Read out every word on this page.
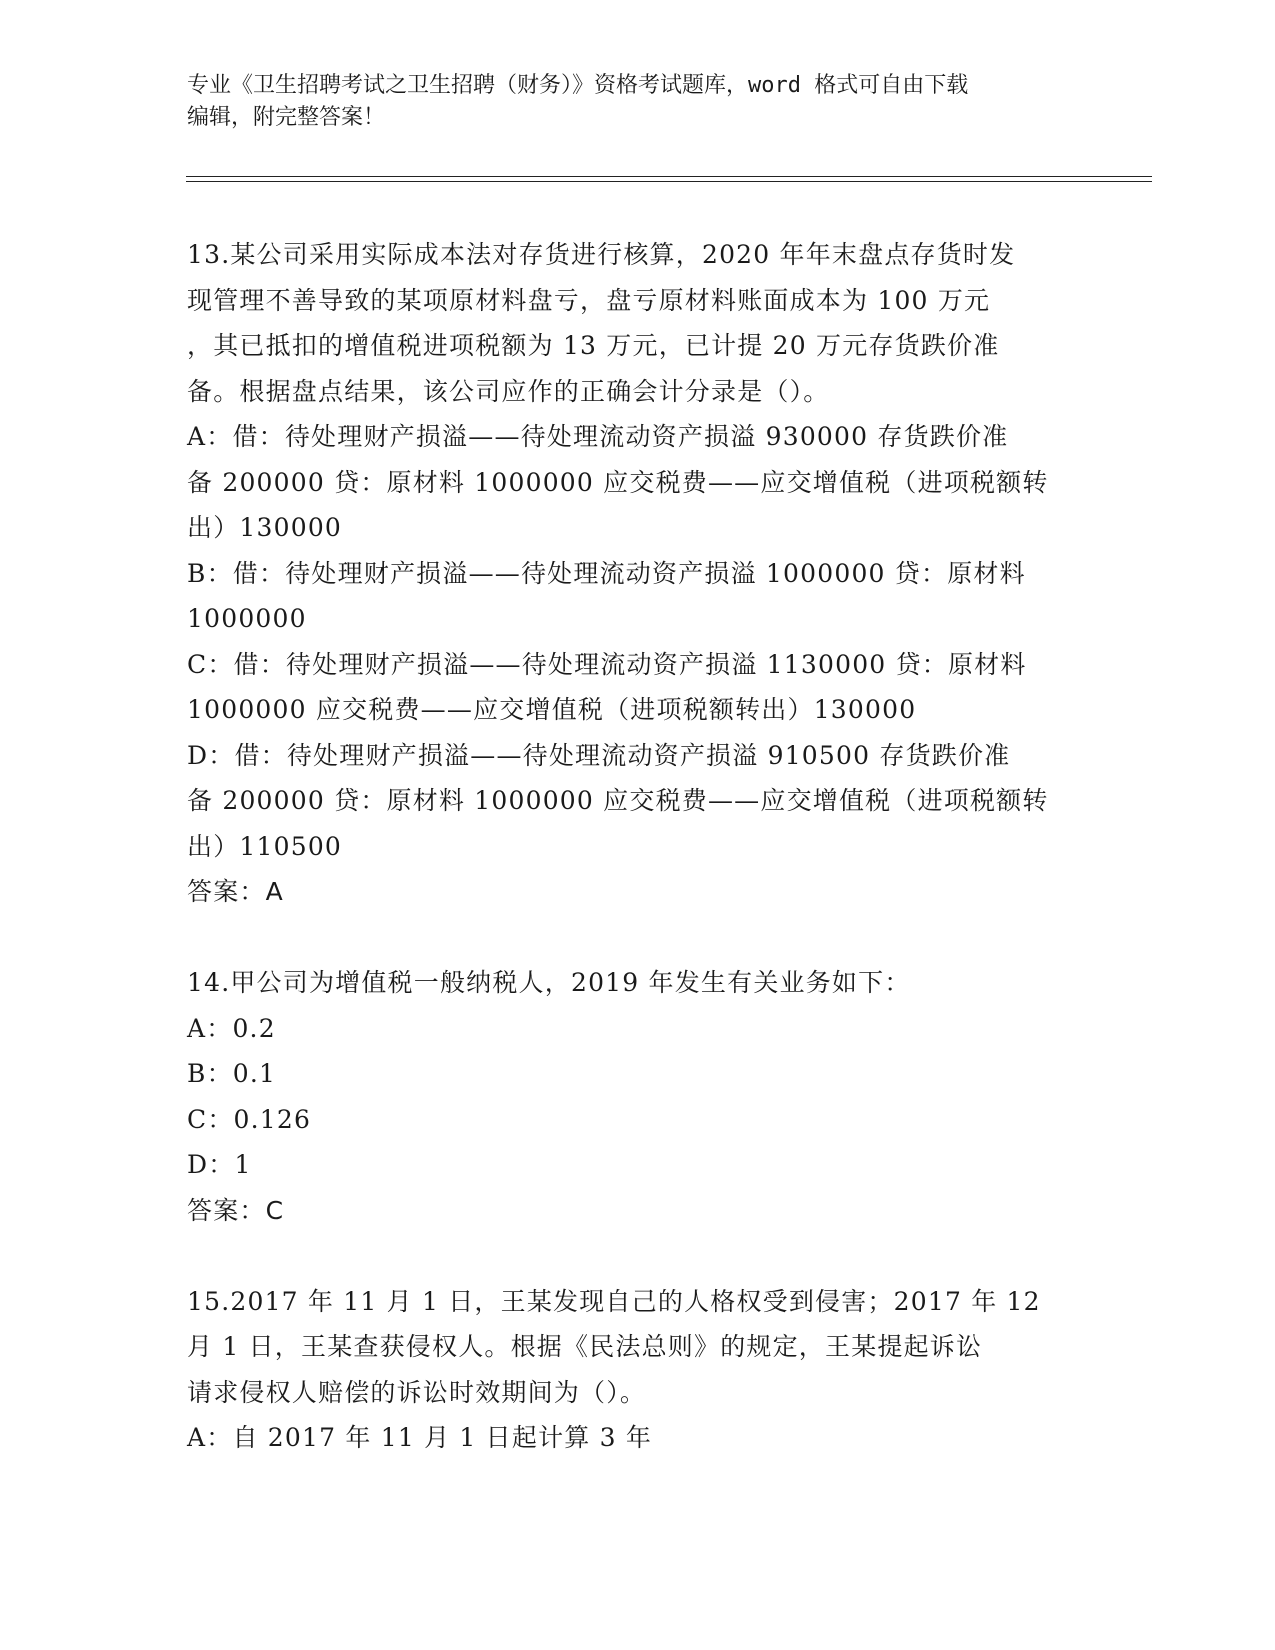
专业《卫生招聘考试之卫生招聘（财务）》资格考试题库，word 格式可自由下载
编辑，附完整答案！
13.某公司采用实际成本法对存货进行核算，2020 年年末盘点存货时发
现管理不善导致的某项原材料盘亏，盘亏原材料账面成本为 100 万元
，其已抵扣的增值税进项税额为 13 万元，已计提 20 万元存货跌价准
备。根据盘点结果，该公司应作的正确会计分录是（）。
A：借：待处理财产损溢——待处理流动资产损溢 930000 存货跌价准
备 200000 贷：原材料 1000000 应交税费——应交增值税（进项税额转
出）130000
B：借：待处理财产损溢——待处理流动资产损溢 1000000 贷：原材料
1000000
C：借：待处理财产损溢——待处理流动资产损溢 1130000 贷：原材料
1000000 应交税费——应交增值税（进项税额转出）130000
D：借：待处理财产损溢——待处理流动资产损溢 910500 存货跌价准
备 200000 贷：原材料 1000000 应交税费——应交增值税（进项税额转
出）110500
答案：A
14.甲公司为增值税一般纳税人，2019 年发生有关业务如下：
A：0.2
B：0.1
C：0.126
D：1
答案：C
15.2017 年 11 月 1 日，王某发现自己的人格权受到侵害；2017 年 12
月 1 日，王某查获侵权人。根据《民法总则》的规定，王某提起诉讼
请求侵权人赔偿的诉讼时效期间为（）。
A：自 2017 年 11 月 1 日起计算 3 年
